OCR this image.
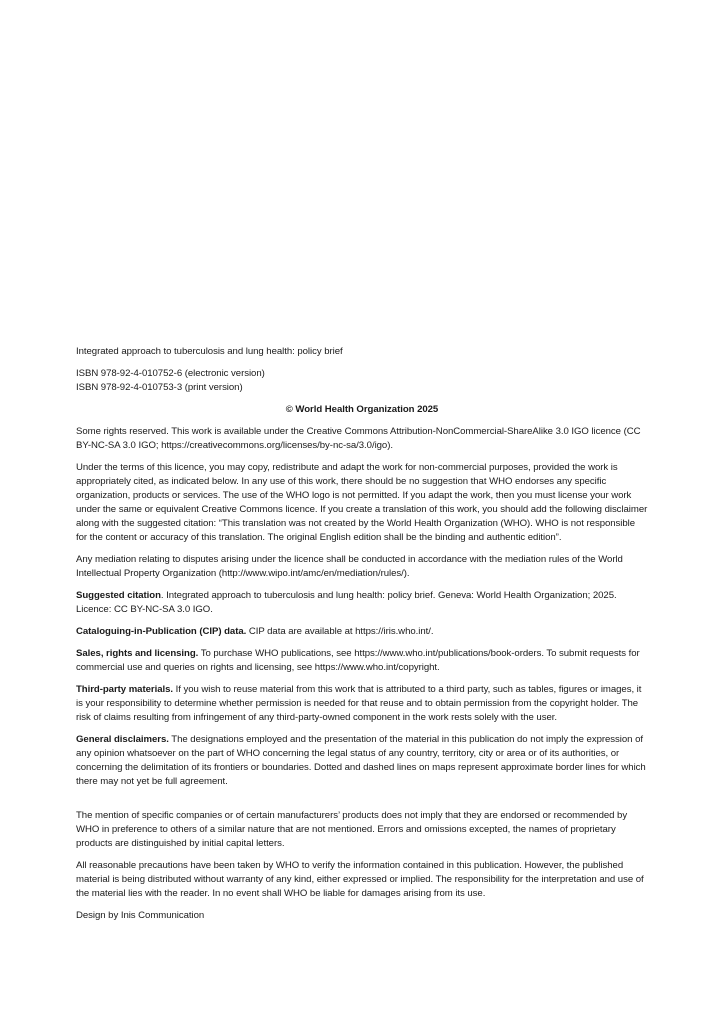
Integrated approach to tuberculosis and lung health: policy brief

ISBN 978-92-4-010752-6 (electronic version)
ISBN 978-92-4-010753-3 (print version)

© World Health Organization 2025

Some rights reserved. This work is available under the Creative Commons Attribution-NonCommercial-ShareAlike 3.0 IGO licence (CC BY-NC-SA 3.0 IGO; https://creativecommons.org/licenses/by-nc-sa/3.0/igo).

Under the terms of this licence, you may copy, redistribute and adapt the work for non-commercial purposes, provided the work is appropriately cited, as indicated below. In any use of this work, there should be no suggestion that WHO endorses any specific organization, products or services. The use of the WHO logo is not permitted. If you adapt the work, then you must license your work under the same or equivalent Creative Commons licence. If you create a translation of this work, you should add the following disclaimer along with the suggested citation: “This translation was not created by the World Health Organization (WHO). WHO is not responsible for the content or accuracy of this translation. The original English edition shall be the binding and authentic edition”.

Any mediation relating to disputes arising under the licence shall be conducted in accordance with the mediation rules of the World Intellectual Property Organization (http://www.wipo.int/amc/en/mediation/rules/).

Suggested citation. Integrated approach to tuberculosis and lung health: policy brief. Geneva: World Health Organization; 2025. Licence: CC BY-NC-SA 3.0 IGO.

Cataloguing-in-Publication (CIP) data. CIP data are available at https://iris.who.int/.

Sales, rights and licensing. To purchase WHO publications, see https://www.who.int/publications/book-orders. To submit requests for commercial use and queries on rights and licensing, see https://www.who.int/copyright.

Third-party materials. If you wish to reuse material from this work that is attributed to a third party, such as tables, figures or images, it is your responsibility to determine whether permission is needed for that reuse and to obtain permission from the copyright holder. The risk of claims resulting from infringement of any third-party-owned component in the work rests solely with the user.

General disclaimers. The designations employed and the presentation of the material in this publication do not imply the expression of any opinion whatsoever on the part of WHO concerning the legal status of any country, territory, city or area or of its authorities, or concerning the delimitation of its frontiers or boundaries. Dotted and dashed lines on maps represent approximate border lines for which there may not yet be full agreement.

The mention of specific companies or of certain manufacturers’ products does not imply that they are endorsed or recommended by WHO in preference to others of a similar nature that are not mentioned. Errors and omissions excepted, the names of proprietary products are distinguished by initial capital letters.

All reasonable precautions have been taken by WHO to verify the information contained in this publication. However, the published material is being distributed without warranty of any kind, either expressed or implied. The responsibility for the interpretation and use of the material lies with the reader. In no event shall WHO be liable for damages arising from its use.

Design by Inis Communication
